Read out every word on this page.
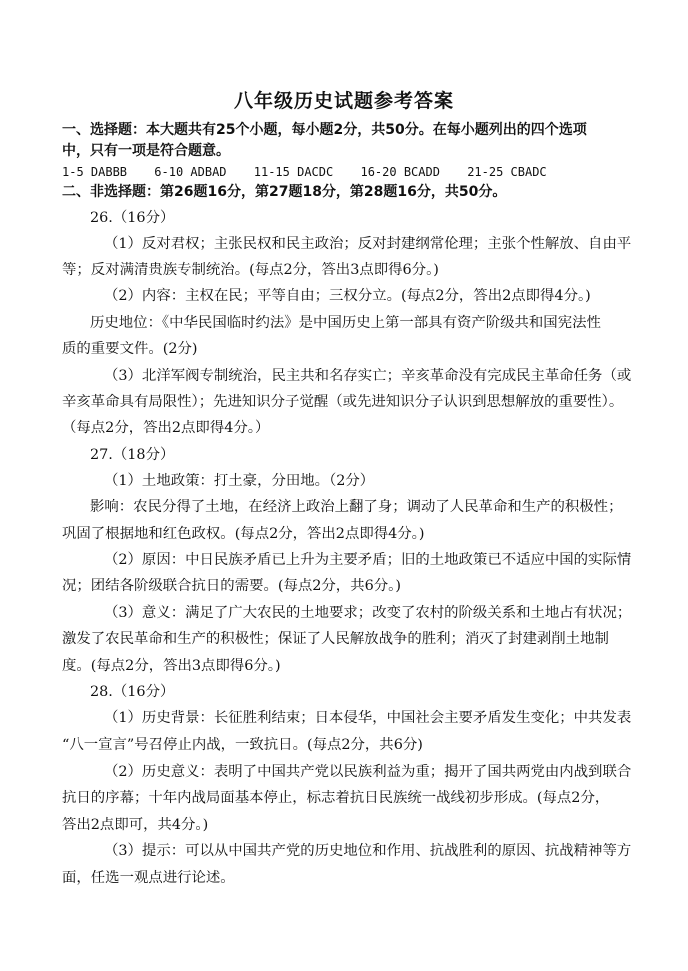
八年级历史试题参考答案
一、选择题：本大题共有25个小题，每小题2分，共50分。在每小题列出的四个选项
中，只有一项是符合题意。
1-5 DABBB 6-10 ADBAD 11-15 DACDC 16-20 BCADD 21-25 CBADC
二、非选择题：第26题16分，第27题18分，第28题16分，共50分。
26.（16分）
（1）反对君权；主张民权和民主政治；反对封建纲常伦理；主张个性解放、自由平
等；反对满清贵族专制统治。(每点2分，答出3点即得6分。)
（2）内容：主权在民；平等自由；三权分立。(每点2分，答出2点即得4分。)
历史地位：《中华民国临时约法》是中国历史上第一部具有资产阶级共和国宪法性
质的重要文件。(2分)
（3）北洋军阀专制统治，民主共和名存实亡；辛亥革命没有完成民主革命任务（或
辛亥革命具有局限性）；先进知识分子觉醒（或先进知识分子认识到思想解放的重要性）。
（每点2分，答出2点即得4分。）
27.（18分）
（1）土地政策：打土豪，分田地。（2分）
影响：农民分得了土地，在经济上政治上翻了身；调动了人民革命和生产的积极性；
巩固了根据地和红色政权。(每点2分，答出2点即得4分。)
（2）原因：中日民族矛盾已上升为主要矛盾；旧的土地政策已不适应中国的实际情
况；团结各阶级联合抗日的需要。(每点2分，共6分。)
（3）意义：满足了广大农民的土地要求；改变了农村的阶级关系和土地占有状况；
激发了农民革命和生产的积极性；保证了人民解放战争的胜利；消灭了封建剥削土地制
度。(每点2分，答出3点即得6分。)
28.（16分）
（1）历史背景：长征胜利结束；日本侵华，中国社会主要矛盾发生变化；中共发表
“八一宣言”号召停止内战，一致抗日。(每点2分，共6分)
（2）历史意义：表明了中国共产党以民族利益为重；揭开了国共两党由内战到联合
抗日的序幕；十年内战局面基本停止，标志着抗日民族统一战线初步形成。(每点2分，
答出2点即可，共4分。)
（3）提示：可以从中国共产党的历史地位和作用、抗战胜利的原因、抗战精神等方
面，任选一观点进行论述。
